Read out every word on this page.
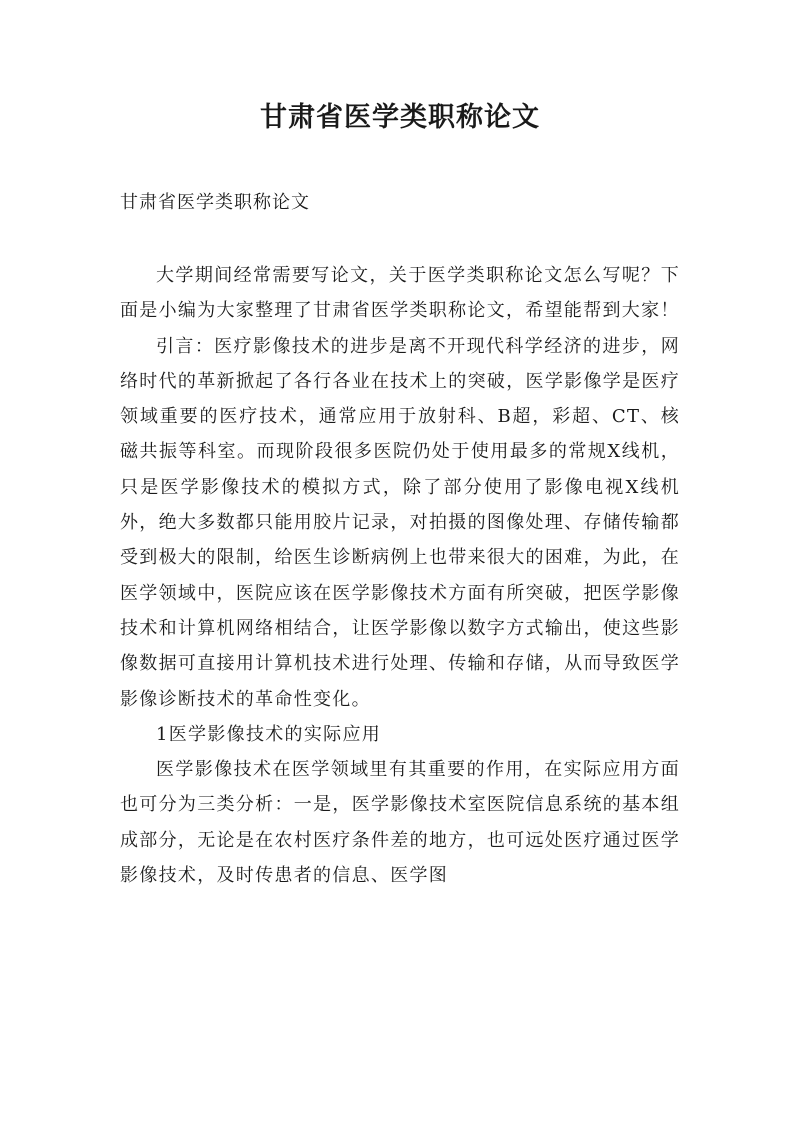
甘肃省医学类职称论文

甘肃省医学类职称论文

大学期间经常需要写论文，关于医学类职称论文怎么写呢？下面是小编为大家整理了甘肃省医学类职称论文，希望能帮到大家！

引言：医疗影像技术的进步是离不开现代科学经济的进步，网络时代的革新掀起了各行各业在技术上的突破，医学影像学是医疗领域重要的医疗技术，通常应用于放射科、B超，彩超、CT、核磁共振等科室。而现阶段很多医院仍处于使用最多的常规X线机，只是医学影像技术的模拟方式，除了部分使用了影像电视X线机外，绝大多数都只能用胶片记录，对拍摄的图像处理、存储传输都受到极大的限制，给医生诊断病例上也带来很大的困难，为此，在医学领域中，医院应该在医学影像技术方面有所突破，把医学影像技术和计算机网络相结合，让医学影像以数字方式输出，使这些影像数据可直接用计算机技术进行处理、传输和存储，从而导致医学影像诊断技术的革命性变化。

1医学影像技术的实际应用

医学影像技术在医学领域里有其重要的作用，在实际应用方面也可分为三类分析：一是，医学影像技术室医院信息系统的基本组成部分，无论是在农村医疗条件差的地方，也可远处医疗通过医学影像技术，及时传患者的信息、医学图
